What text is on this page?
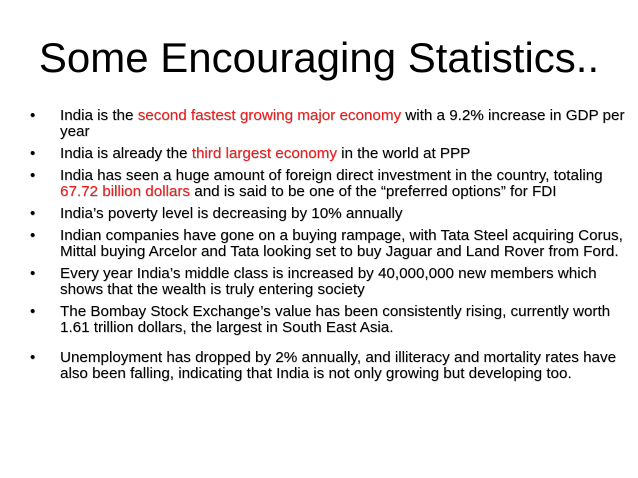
Some Encouraging Statistics..
• India is the second fastest growing major economy with a 9.2% increase in GDP per year
• India is already the third largest economy in the world at PPP
• India has seen a huge amount of foreign direct investment in the country, totaling 67.72 billion dollars and is said to be one of the “preferred options” for FDI
• India’s poverty level is decreasing by 10% annually
• Indian companies have gone on a buying rampage, with Tata Steel acquiring Corus, Mittal buying Arcelor and Tata looking set to buy Jaguar and Land Rover from Ford.
• Every year India’s middle class is increased by 40,000,000 new members which shows that the wealth is truly entering society
• The Bombay Stock Exchange’s value has been consistently rising, currently worth 1.61 trillion dollars, the largest in South East Asia.
• Unemployment has dropped by 2% annually, and illiteracy and mortality rates have also been falling, indicating that India is not only growing but developing too.
